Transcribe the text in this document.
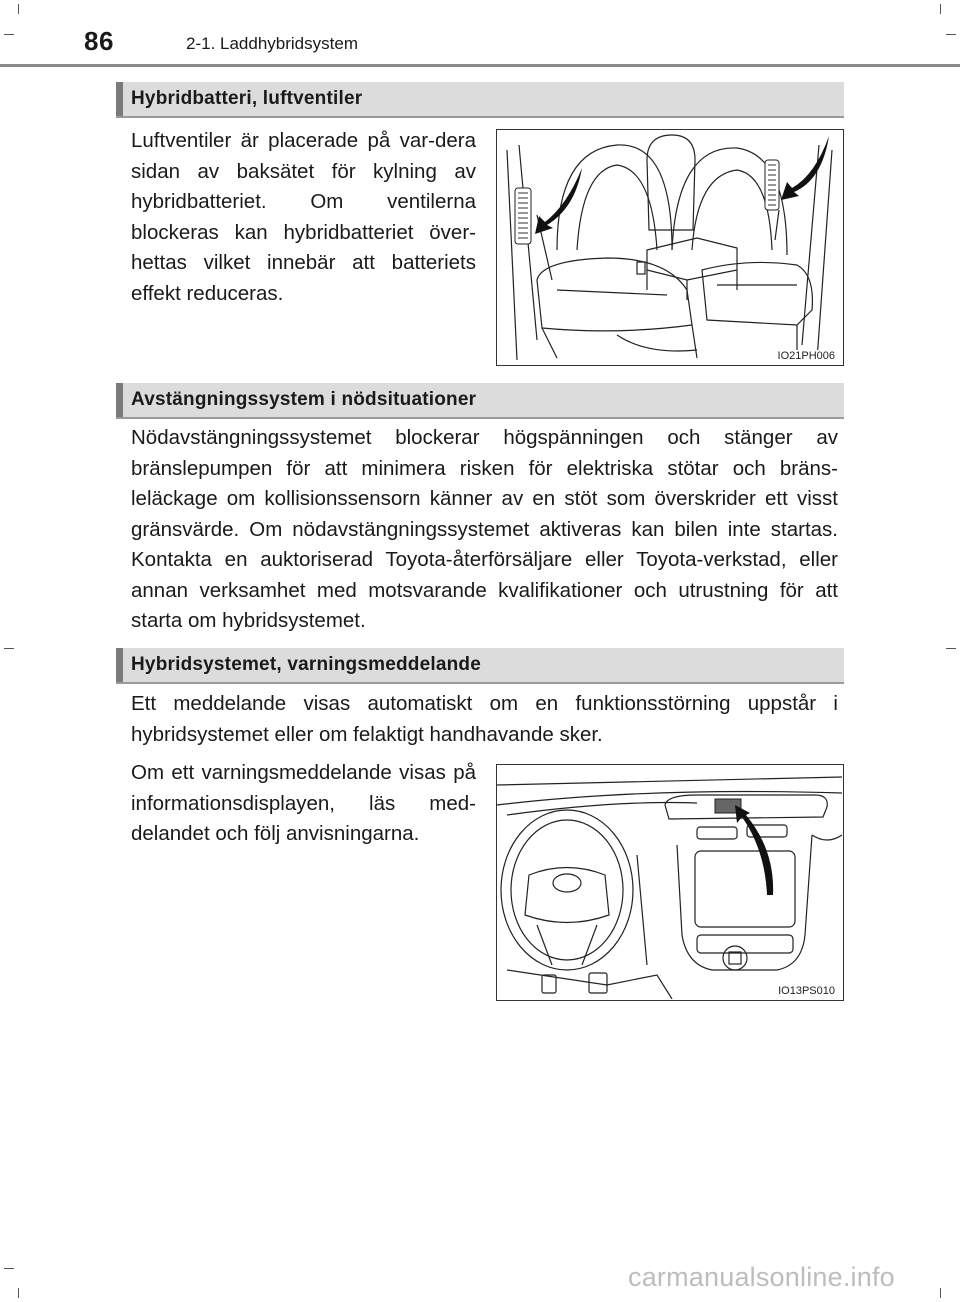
86	2-1. Laddhybridsystem
Hybridbatteri, luftventiler

Luftventiler är placerade på var-dera sidan av baksätet för kylning av hybridbatteriet. Om ventilerna blockeras kan hybridbatteriet över-hettas vilket innebär att batteriets effekt reduceras.

IO21PH006
Avstängningssystem i nödsituationer

Nödavstängningssystemet blockerar högspänningen och stänger av bränslepumpen för att minimera risken för elektriska stötar och bräns-leläckage om kollisionssensorn känner av en stöt som överskrider ett visst gränsvärde. Om nödavstängningssystemet aktiveras kan bilen inte startas. Kontakta en auktoriserad Toyota-återförsäljare eller Toyota-verkstad, eller annan verksamhet med motsvarande kvalifikationer och utrustning för att starta om hybridsystemet.

Hybridsystemet, varningsmeddelande

Ett meddelande visas automatiskt om en funktionsstörning uppstår i hybridsystemet eller om felaktigt handhavande sker.

Om ett varningsmeddelande visas på informationsdisplayen, läs med-delandet och följ anvisningarna.

IO13PS010
carmanualsonline.info
